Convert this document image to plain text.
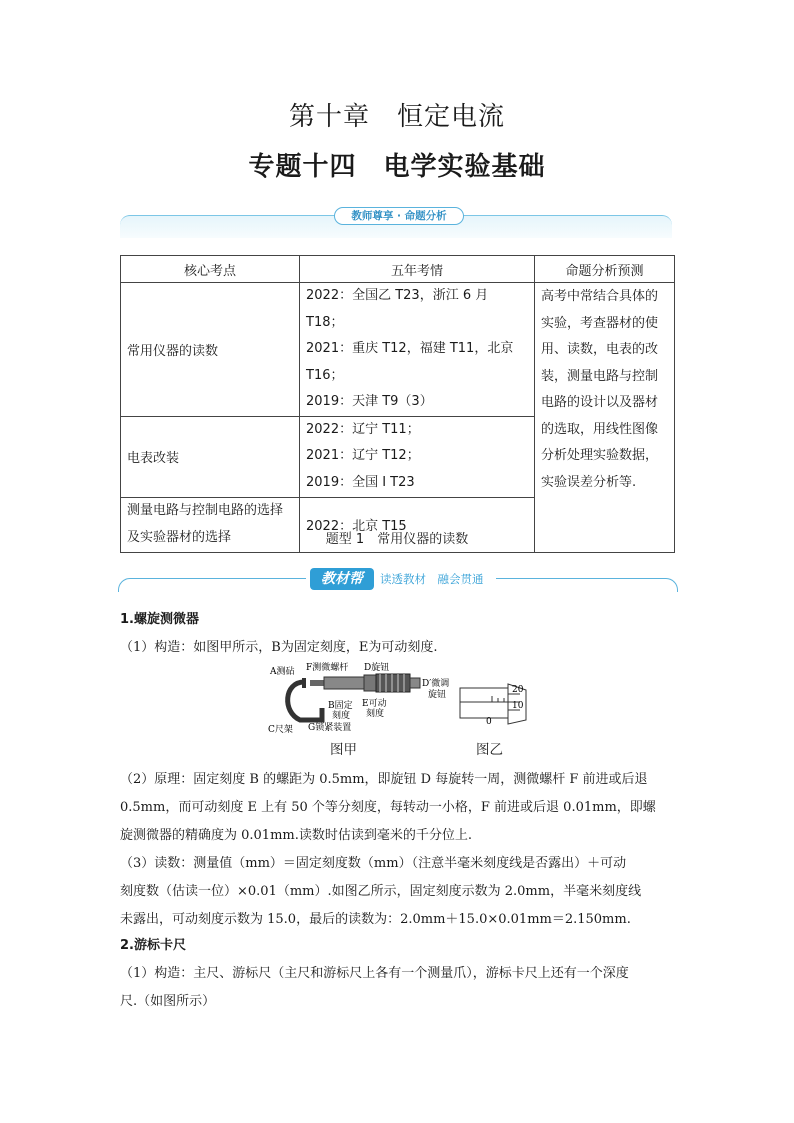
第十章　恒定电流
专题十四　电学实验基础
教师尊享 · 命题分析
核心考点	五年考情	命题分析预测
常用仪器的读数	2022：全国乙 T23，浙江 6 月 T18；
2021：重庆 T12，福建 T11，北京
T16；
2019：天津 T9（3）	高考中常结合具体的实验，考查器材的使用、读数，电表的改装，测量电路与控制电路的设计以及器材的选取，用线性图像分析处理实验数据，实验误差分析等.
电表改装	2022：辽宁 T11；
2021：辽宁 T12；
2019：全国 I T23	

测量电路与控制电路的选择及实验器材的选择	2022：北京 T15	
题型 1　常用仪器的读数
教材帮	读透教材　融会贯通
1.螺旋测微器
（1）构造：如图甲所示，B为固定刻度，E为可动刻度.
A测砧 F测微螺杆 D旋钮
D′微调
旋钮
B固定
刻度
E可动
刻度
C尺架 G锁紧装置
20
10
0
图甲	图乙
（2）原理：固定刻度 B 的螺距为 0.5mm，即旋钮 D 每旋转一周，测微螺杆 F 前进或后退
0.5mm，而可动刻度 E 上有 50 个等分刻度，每转动一小格，F 前进或后退 0.01mm，即螺
旋测微器的精确度为 0.01mm.读数时估读到毫米的千分位上.
（3）读数：测量值（mm）＝固定刻度数（mm）（注意半毫米刻度线是否露出）＋可动
刻度数（估读一位）×0.01（mm）.如图乙所示，固定刻度示数为 2.0mm，半毫米刻度线
未露出，可动刻度示数为 15.0，最后的读数为：2.0mm＋15.0×0.01mm＝2.150mm.
2.游标卡尺
（1）构造：主尺、游标尺（主尺和游标尺上各有一个测量爪），游标卡尺上还有一个深度
尺.（如图所示）
